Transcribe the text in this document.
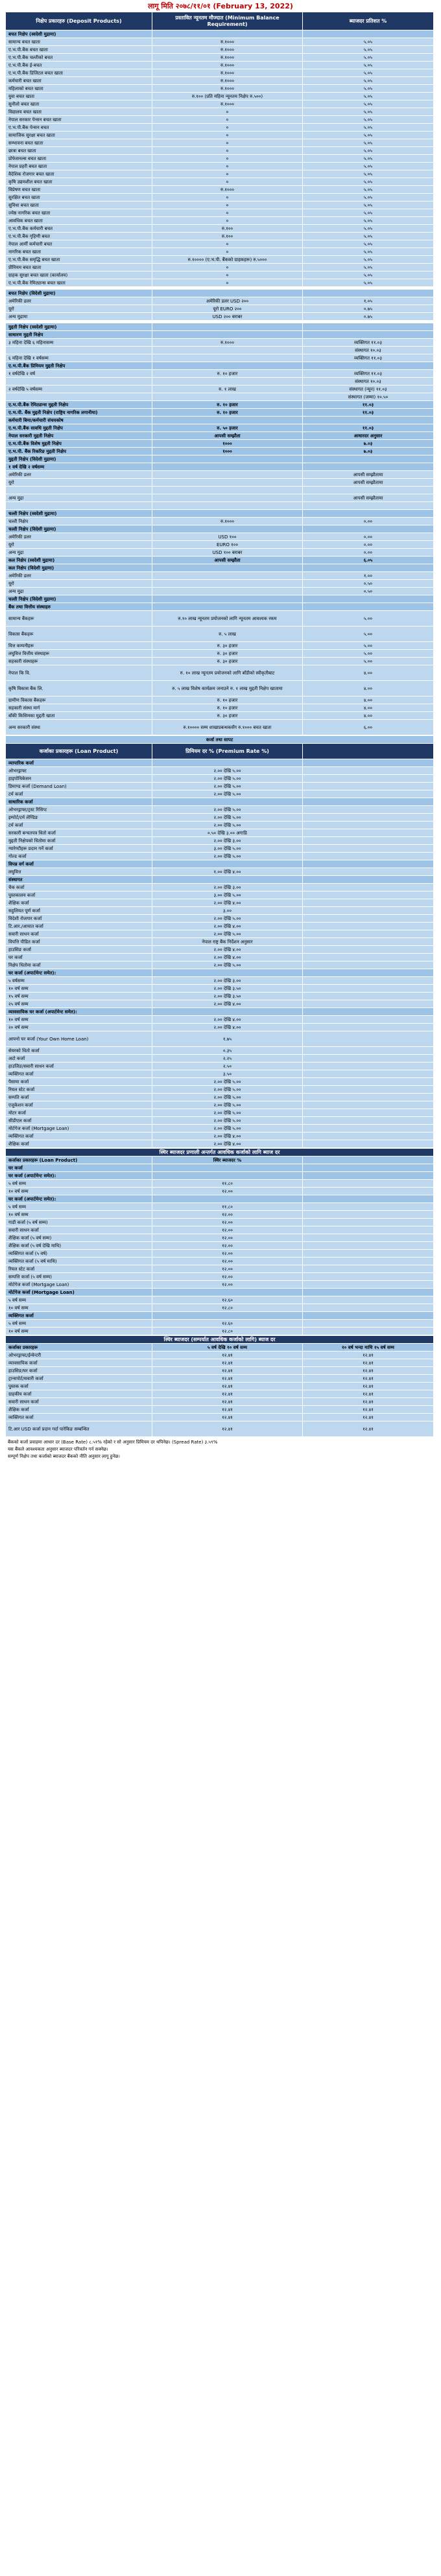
लागू मिति २०७८/११/०१ (February 13, 2022)
निक्षेप प्रकारहरु (Deposit Products)	प्रस्तावित न्यूनतम मौज्दात (Minimum Balance Requirement)	ब्याजदर प्रतिशत %
बचत निक्षेप (स्वदेशी मुद्रामा)		
सामान्य बचत खाता	रु.१०००	५.०५
ए.भ.पी.बैंक बचत खाता	रु.१०००	५.०५
ए.भ.पी.बैंक चल्तीको बचत	रु.१०००	५.०५
ए.भ.पी.बैंक ई-बचत	रु.१०००	५.०५
ए.भ.पी.बैंक डिजिटल बचत खाता	रु.१०००	५.०५
कर्मचारी बचत खाता	रु.१०००	५.०५
महिलाको बचत खाता	रु.१०००	५.०५
युवा बचत खाता	रु.१०० (प्रति महिना न्यूनतम निक्षेप रु.५००)	५.०५
सुनौलो बचत खाता	रु.१०००	५.०५
विद्यालय बचत खाता	०	५.०५
नेपाल सरकार पेन्सन बचत खाता	०	५.०५
ए.भ.पी.बैंक पेन्सन बचत	०	५.०५
सामाजिक सुरक्षा बचत खाता	०	५.०५
सम्भावना बचत खाता	०	५.०५
छात्रा बचत खाता	०	५.०५
प्रोफेसनल्स बचत खाता	०	५.०५
नेपाल प्रहरी बचत खाता	०	५.०५
वैदेशिक रोजगार बचत खाता	०	५.०५
कृषि उद्यमशील बचत खाता	०	५.०५
विप्रेषण बचत खाता	रु.१०००	५.०५
सुरक्षित बचत खाता	०	५.०५
सुविधा बचत खाता	०	५.०५
ज्येष्ठ नागरिक बचत खाता	०	५.०५
आवधिक बचत खाता	०	५.०५
ए.भ.पी.बैंक कर्मचारी बचत	रु.१००	५.०५
ए.भ.पी.बैंक गृहिणी बचत	रु.१००	५.०५
नेपाल आर्मी कर्मचारी बचत	०	५.०५
नागरिक बचत खाता	०	५.०५
ए.भ.पी.बैंक समृद्धि बचत खाता	रु.१०००० (ए.भ.पी. बैंकको ग्राहकहरू) रु.५०००	५.०५
प्रीमियम बचत खाता	०	५.०५
ग्राहक सुरक्षा बचत खाता (कार्यालय)	०	५.०५
ए.भ.पी.बैंक रेमिट्यान्स बचत खाता	०	५.०५

बचत निक्षेप (विदेशी मुद्रामा)		
अमेरिकी डलर	अमेरिकी डलर USD २००	१.०५
यूरो	यूरो EURO २००	०.७५
अन्य मुद्रामा	USD २०० बराबर	०.७५

मुद्दती निक्षेप (स्वदेशी मुद्रामा)		
साधारण मुद्दती निक्षेप		
३ महिना देखि ६ महिनासम्म	रु.१०००	व्यक्तिगत ११.०३
		संस्थागत १०.०३
६ महिना देखि १ वर्षसम्म		व्यक्तिगत ११.०३
ए.भ.पी.बैंक प्रिमियम मुद्दती निक्षेप		
१ वर्षदेखि २ वर्ष	रु. १० हजार	व्यक्तिगत ११.०३
		संस्थागत १०.०३
२ वर्षदेखि ५ वर्षसम्म	रु. १ लाख	संस्थागत (न्यून) ११.०३
		संस्थागत (जम्मा) १०.५०
ए.भ.पी.बैंक रेमिट्यान्स मुद्दती निक्षेप	रु. १० हजार	११.०३
ए.भ.पी. बैंक मुद्दती निक्षेप (राष्ट्रिय नागरिक लगानीमा)	रु. १० हजार	११.०३
कर्मचारी बिमा/कर्मचारी संचयकोष		
ए.भ.पी.बैंक सावधि मुद्दती निक्षेप	रु. ५० हजार	११.०३
नेपाल सरकारी मुद्दती निक्षेप	आपसी सम्झौता	आधारदर अनुसार
ए.भ.पी.बैंक विशेष मुद्दती निक्षेप	१०००	७.०३
ए.भ.पी. बैंक रिकरिङ मुद्दती निक्षेप	१०००	७.०३
मुद्दती निक्षेप (विदेशी मुद्रामा)		
१ वर्ष देखि २ वर्षसम्म		
अमेरिकी डलर		आपसी सम्झौतामा
यूरो		आपसी सम्झौतामा

अन्य मुद्रा		आपसी सम्झौतामा

चल्ती निक्षेप (स्वदेशी मुद्रामा)		
चल्ती निक्षेप	रु.१०००	०.००
चल्ती निक्षेप (विदेशी मुद्रामा)		
अमेरिकी डलर	USD १००	०.००
यूरो	EURO १००	०.००
अन्य मुद्रा	USD १०० बराबर	०.००
कल निक्षेप (स्वदेशी मुद्रामा)	आपसी सम्झौता	६.०५
कल निक्षेप (विदेशी मुद्रामा)		
अमेरिकी डलर		१.००
यूरो		०.५०
अन्य मुद्रा		०.५०
चल्ती निक्षेप (विदेशी मुद्रामा)		
बैंक तथा वित्तीय संस्थाहरु		
सामान्य बैंकहरू	रु.१० लाख न्यूनतम प्रयोजनको लागि न्यूनतम आवश्यक रकम	५.००
विकास बैंकहरू	रु. ५ लाख	५.००
वित्त कम्पनीहरू	रु. ३० हजार	५.००
लघुवित्त वित्तीय संस्थाहरू	रु. ३० हजार	५.००
सहकारी संस्थाहरू	रु. ३० हजार	५.००
नेपाल कि वि.	रु. १० लाख न्यूनतम प्रयोजनको लागि बाँडीको स्वीकृतीबाट	४.००
कृषि विकास बैंक लि.	रु. ५ लाख विशेष कार्यक्रम जनाउने रु. १ लाख मुद्दती निक्षेप खातामा	४.००
ग्रामीण विकास बैंकहरू	रु. १० हजार	४.००
सहकारी संस्था मार्ग	रु. १० हजार	४.००
बाँकी किसिमका मुद्दती खाता	रु. ३० हजार	४.००
अन्य सरकारी संस्था	रु.१०००० सम्म शाखाप्रबन्धकसँग रु.१००० बचत खाता	६.००
कर्जा तथा सापट		
कर्जाका प्रकारहरू (Loan Product)	प्रिमियम दर % (Premium Rate %)	
व्यापारिक कर्जा		
ओभरड्राफ्ट	२.०० देखि ५.००	
हाइपोथिकेसन	२.०० देखि ५.००	
डिमाण्ड कर्जा (Demand Loan)	२.०० देखि ५.००	
टर्म कर्जा	२.०० देखि ५.००	
साधारिक कर्जा		
ओभरड्राफ्ट/ट्रस्ट रिसिप्ट	२.०० देखि ५.००	
इम्पोर्ट/टर्म लेण्डिङ	२.०० देखि ५.००	
टर्म कर्जा	२.०० देखि ५.००	
सरकारी बन्चतपत्र धितो कर्जा	०.५० देखि ३.०० अगाडि	
मुद्दती निक्षेपको धितोमा कर्जा	२.०० देखि ३.००	
ग्यारेण्टीहरू प्रदान गर्ने कर्जा	३.०० देखि ५.००	
गोल्ड कर्जा	२.०० देखि ५.००	
विपन्न वर्ग कर्जा		
लघुवित्त	१.०० देखि ४.००	
संस्थागत		
चैक कर्जा	२.०० देखि ३.००	
पुस्तकालय कर्जा	३.०० देखि ५.००	
शैक्षिक कर्जा	२.०० देखि ४.००	
सहुलियत पूर्ण कर्जा	३.००	
विदेशी रोजगार कर्जा	२.०० देखि ५.००	
टि.आर./आयात कर्जा	२.०० देखि ४.००	
सवारी साधन कर्जा	२.०० देखि ५.००	
विपत्ति पीडित कर्जा	नेपाल राष्ट्र बैंक निर्देशन अनुसार	
हाउसिङ कर्जा	२.०० देखि ४.००	
घर कर्जा	२.०० देखि ४.००	
निक्षेप धितोमा कर्जा	२.०० देखि ५.००	
घर कर्जा (अपार्टमेन्ट समेत):		
५ वर्षसम्म	२.०० देखि ३.००	
१० वर्ष सम्म	२.०० देखि ३.५०	
१५ वर्ष सम्म	२.०० देखि ३.५०	
२५ वर्ष सम्म	२.०० देखि ४.००	
व्यावसायिक घर कर्जा (अपार्टमेन्ट समेत):		
१० वर्ष सम्म	२.०० देखि ४.००	
२० वर्ष सम्म	२.०० देखि ४.००	
आफ्नो घर कर्जा (Your Own Home Loan)	१.७५	
सेयरको धितो कर्जा	०.३५	
अटो कर्जा	२.२५	
हाउजिङ/सवारी साधन कर्जा	२.५०	
व्यक्तिगत कर्जा	३.५०	
पैसामा कर्जा	२.०० देखि ५.००	
रियल स्टेट कर्जा	२.०० देखि ५.००	
सम्पति कर्जा	२.०० देखि ५.००	
एजुकेशन कर्जा	२.०० देखि ५.००	
मोटर कर्जा	२.०० देखि ५.००	
सीडीएल कर्जा	२.०० देखि ५.००	
मोर्टगेज कर्जा (Mortgage Loan)	२.०० देखि ५.००	
व्यक्तिगत कर्जा	२.०० देखि ४.००	
शैक्षिक कर्जा	२.०० देखि ४.००	
स्थिर ब्याजदर प्रणाली अन्तर्गत आवधिक कर्जाको लागि ब्याज दर		
कर्जाका प्रकारहरू (Loan Product)	स्थिर ब्याजदर %	
घर कर्जा		
घर कर्जा (अपार्टमेन्ट समेत):		
५ वर्ष सम्म	११.८०	
१० वर्ष सम्म	१२.००	
घर कर्जा (अपार्टमेन्ट समेत):		
५ वर्ष सम्म	११.८०	
१० वर्ष सम्म	१२.००	
गाडी कर्जा (५ वर्ष सम्म)	१२.००	
सवारी साधन कर्जा	१२.००	
शैक्षिक कर्जा (५ वर्ष सम्म)	१२.००	
शैक्षिक कर्जा (५ वर्ष देखि माथि)	१२.००	
व्यक्तिगत कर्जा (५ वर्ष)	१२.००	
व्यक्तिगत कर्जा (५ वर्ष माथि)	१२.००	
रियल स्टेट कर्जा	१२.००	
सम्पत्ति कर्जा (५ वर्ष सम्म)	१२.००	
मोर्टगेज कर्जा (Mortgage Loan)	१२.००	
मोर्टगेज कर्जा (Mortgage Loan)		
५ वर्ष सम्म	१२.६०	
१० वर्ष सम्म	१२.८०	
व्यक्तिगत कर्जा		
५ वर्ष सम्म	१२.६०	
१० वर्ष सम्म	१२.८०	
स्थिर ब्याजदर (सम्पर्यात आवधिक कर्जाको लागि) ब्याज दर		
कर्जाका प्रकारहरू	५ वर्ष देखि १० वर्ष सम्म	१० वर्ष भन्दा माथि १५ वर्ष सम्म
ओभरड्राफ्ट/ईन्वेन्टरी	१२.४१	१२.४१
व्यावसायिक कर्जा	१२.४१	१२.४१
हाउसिङ/घर कर्जा	१२.४१	१२.४१
ट्रान्सपोर्ट/सवारी कर्जा	१२.४१	१२.४१
पुस्तक कर्जा	१२.४१	१२.४१
ग्राहकीय कर्जा	१२.४१	१२.४१
सवारी साधन कर्जा	१२.४१	१२.४१
शैक्षिक कर्जा	१२.४१	१२.४१
व्यक्तिगत कर्जा	१२.४१	१२.४१
टि.आर USD कर्जा प्रदान गर्दा पारेकिङ सम्बन्धित	१२.४१	१२.४१
बैंकको कर्जा प्रवाहमा आधार दर (Base Rate) ८.५१% रहेको र सो अनुसार प्रिमियम दर थपिनेछ। (Spread Rate) ३.५९%
यस बैंकले आवश्यकता अनुसार ब्याजदर परिवर्तन गर्न सक्नेछ।
सम्पूर्ण निक्षेप तथा कर्जाको ब्याजदर बैंकको नीति अनुसार लागू हुनेछ।
